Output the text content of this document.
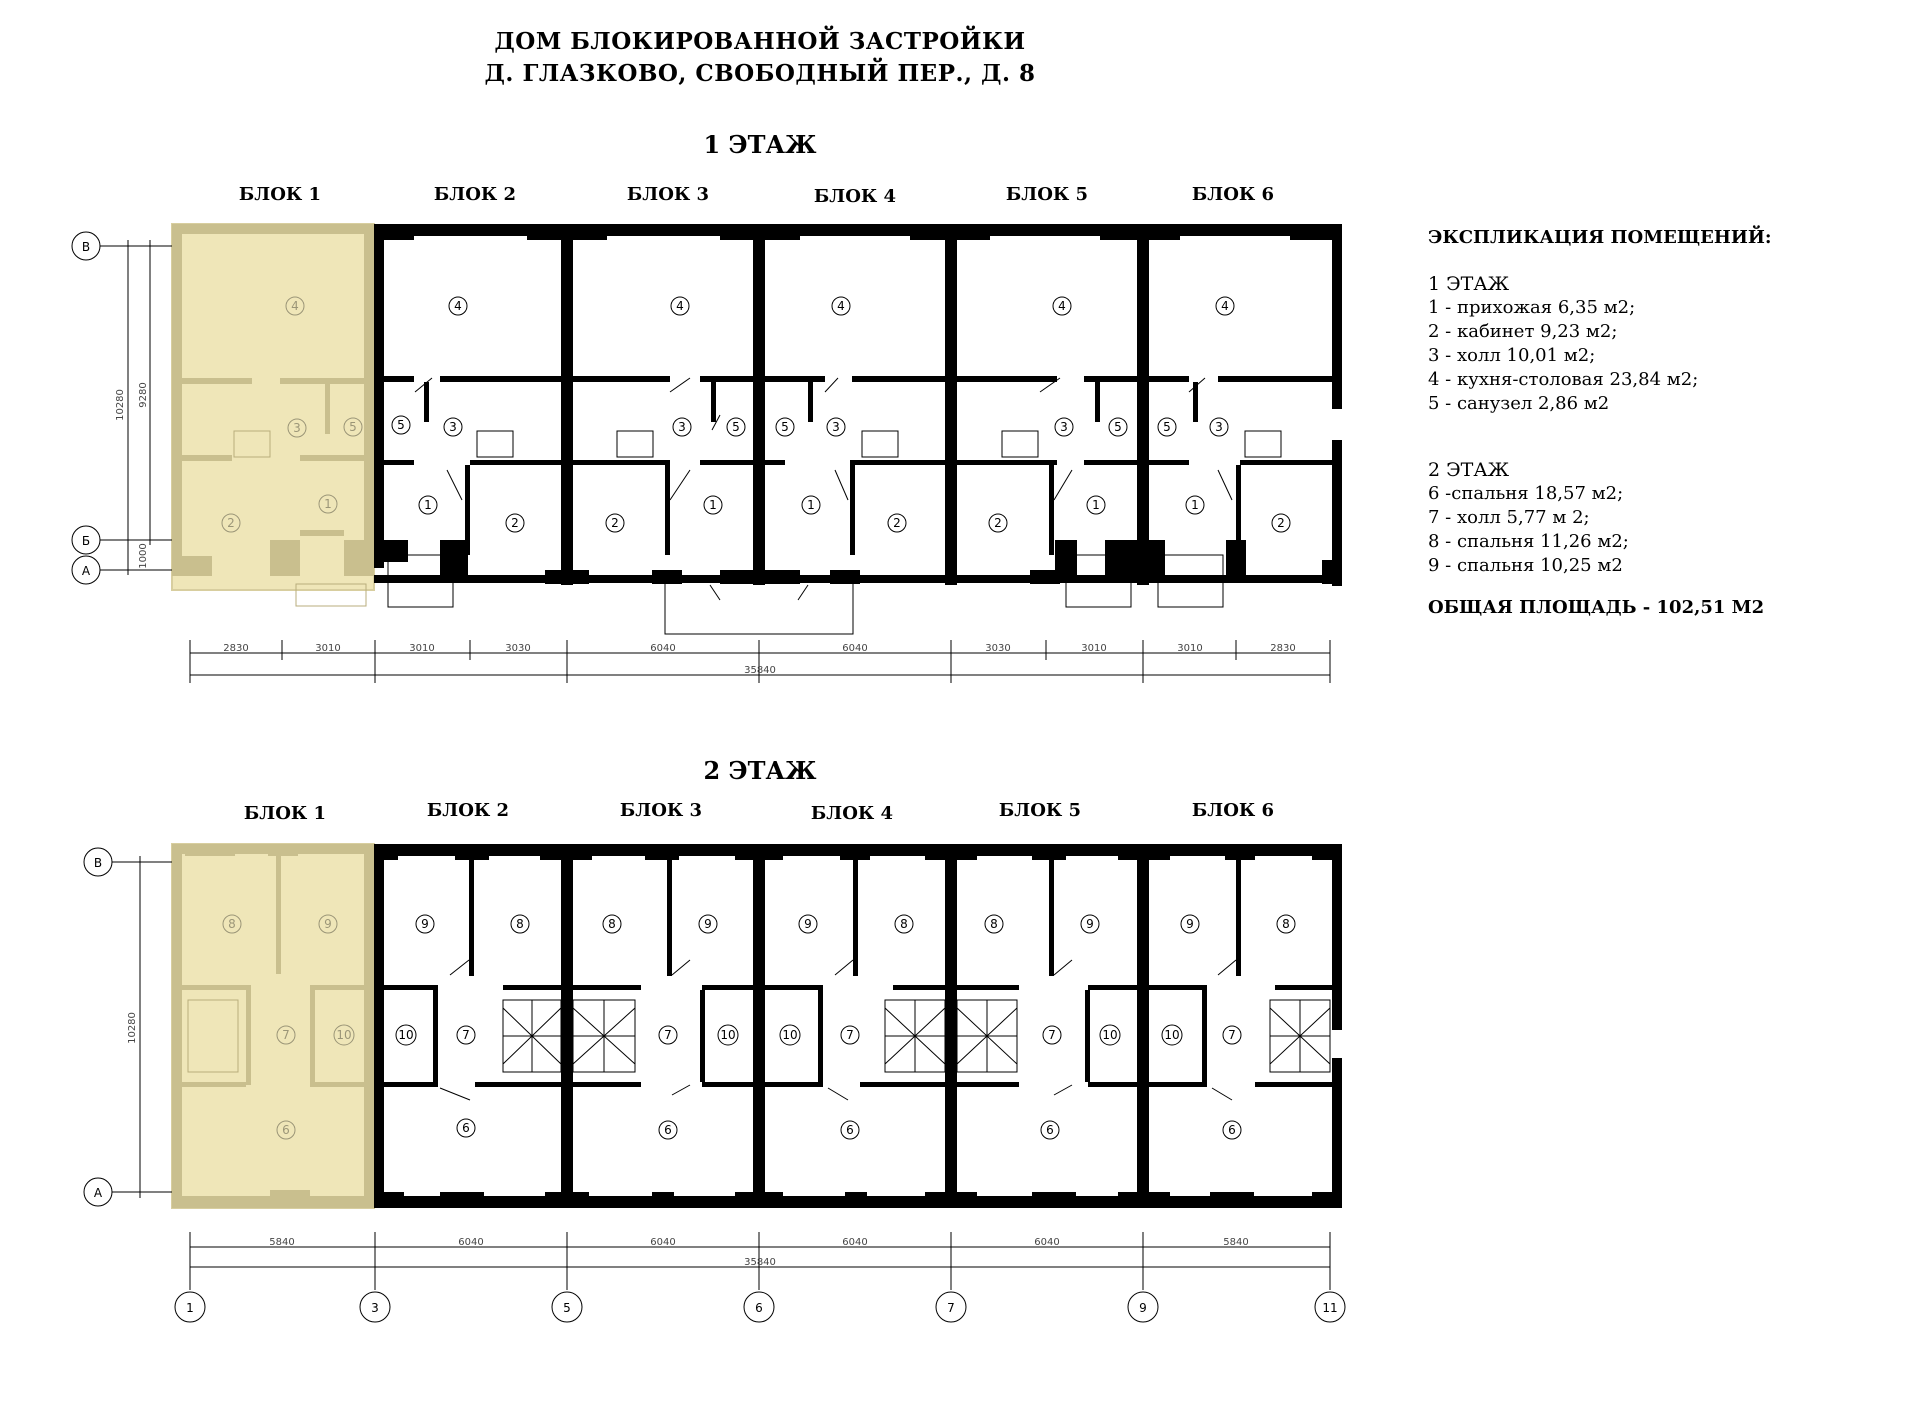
ДОМ БЛОКИРОВАННОЙ ЗАСТРОЙКИ
Д. ГЛАЗКОВО, СВОБОДНЫЙ ПЕР., Д. 8
1 ЭТАЖ
2 ЭТАЖ
БЛОК 1	БЛОК 2	БЛОК 3	БЛОК 4	БЛОК 5	БЛОК 6
БЛОК 1	БЛОК 2	БЛОК 3	БЛОК 4	БЛОК 5	БЛОК 6
4
3	5
2
1
4
5	3
1
2
4
3	5
2
1
4
5	3
1
2
4
3	5
2
1
4
5	3
1
2
В
Б
А
10280 9280
1000
2830	3010	3010	3030	6040	6040	3030	3010	3010	2830
35840
8	9
7	10
6
9	8
10	7
6
8	9
7	10
6
9	8
10	7
6
8	9
7	10
6
9	8
10	7
6
В
А
10280
5840	6040	6040	6040	6040	5840
35840
1	3	5	6	7	9	11
ЭКСПЛИКАЦИЯ ПОМЕЩЕНИЙ:
1 ЭТАЖ
1 - прихожая 6,35 м2;
2 - кабинет 9,23 м2;
3 - холл 10,01 м2;
4 - кухня-столовая 23,84 м2;
5 - санузел 2,86 м2
2 ЭТАЖ
6 -спальня 18,57 м2;
7 - холл 5,77 м 2;
8 - спальня 11,26 м2;
9 - спальня 10,25 м2
ОБЩАЯ ПЛОЩАДЬ - 102,51 М2
